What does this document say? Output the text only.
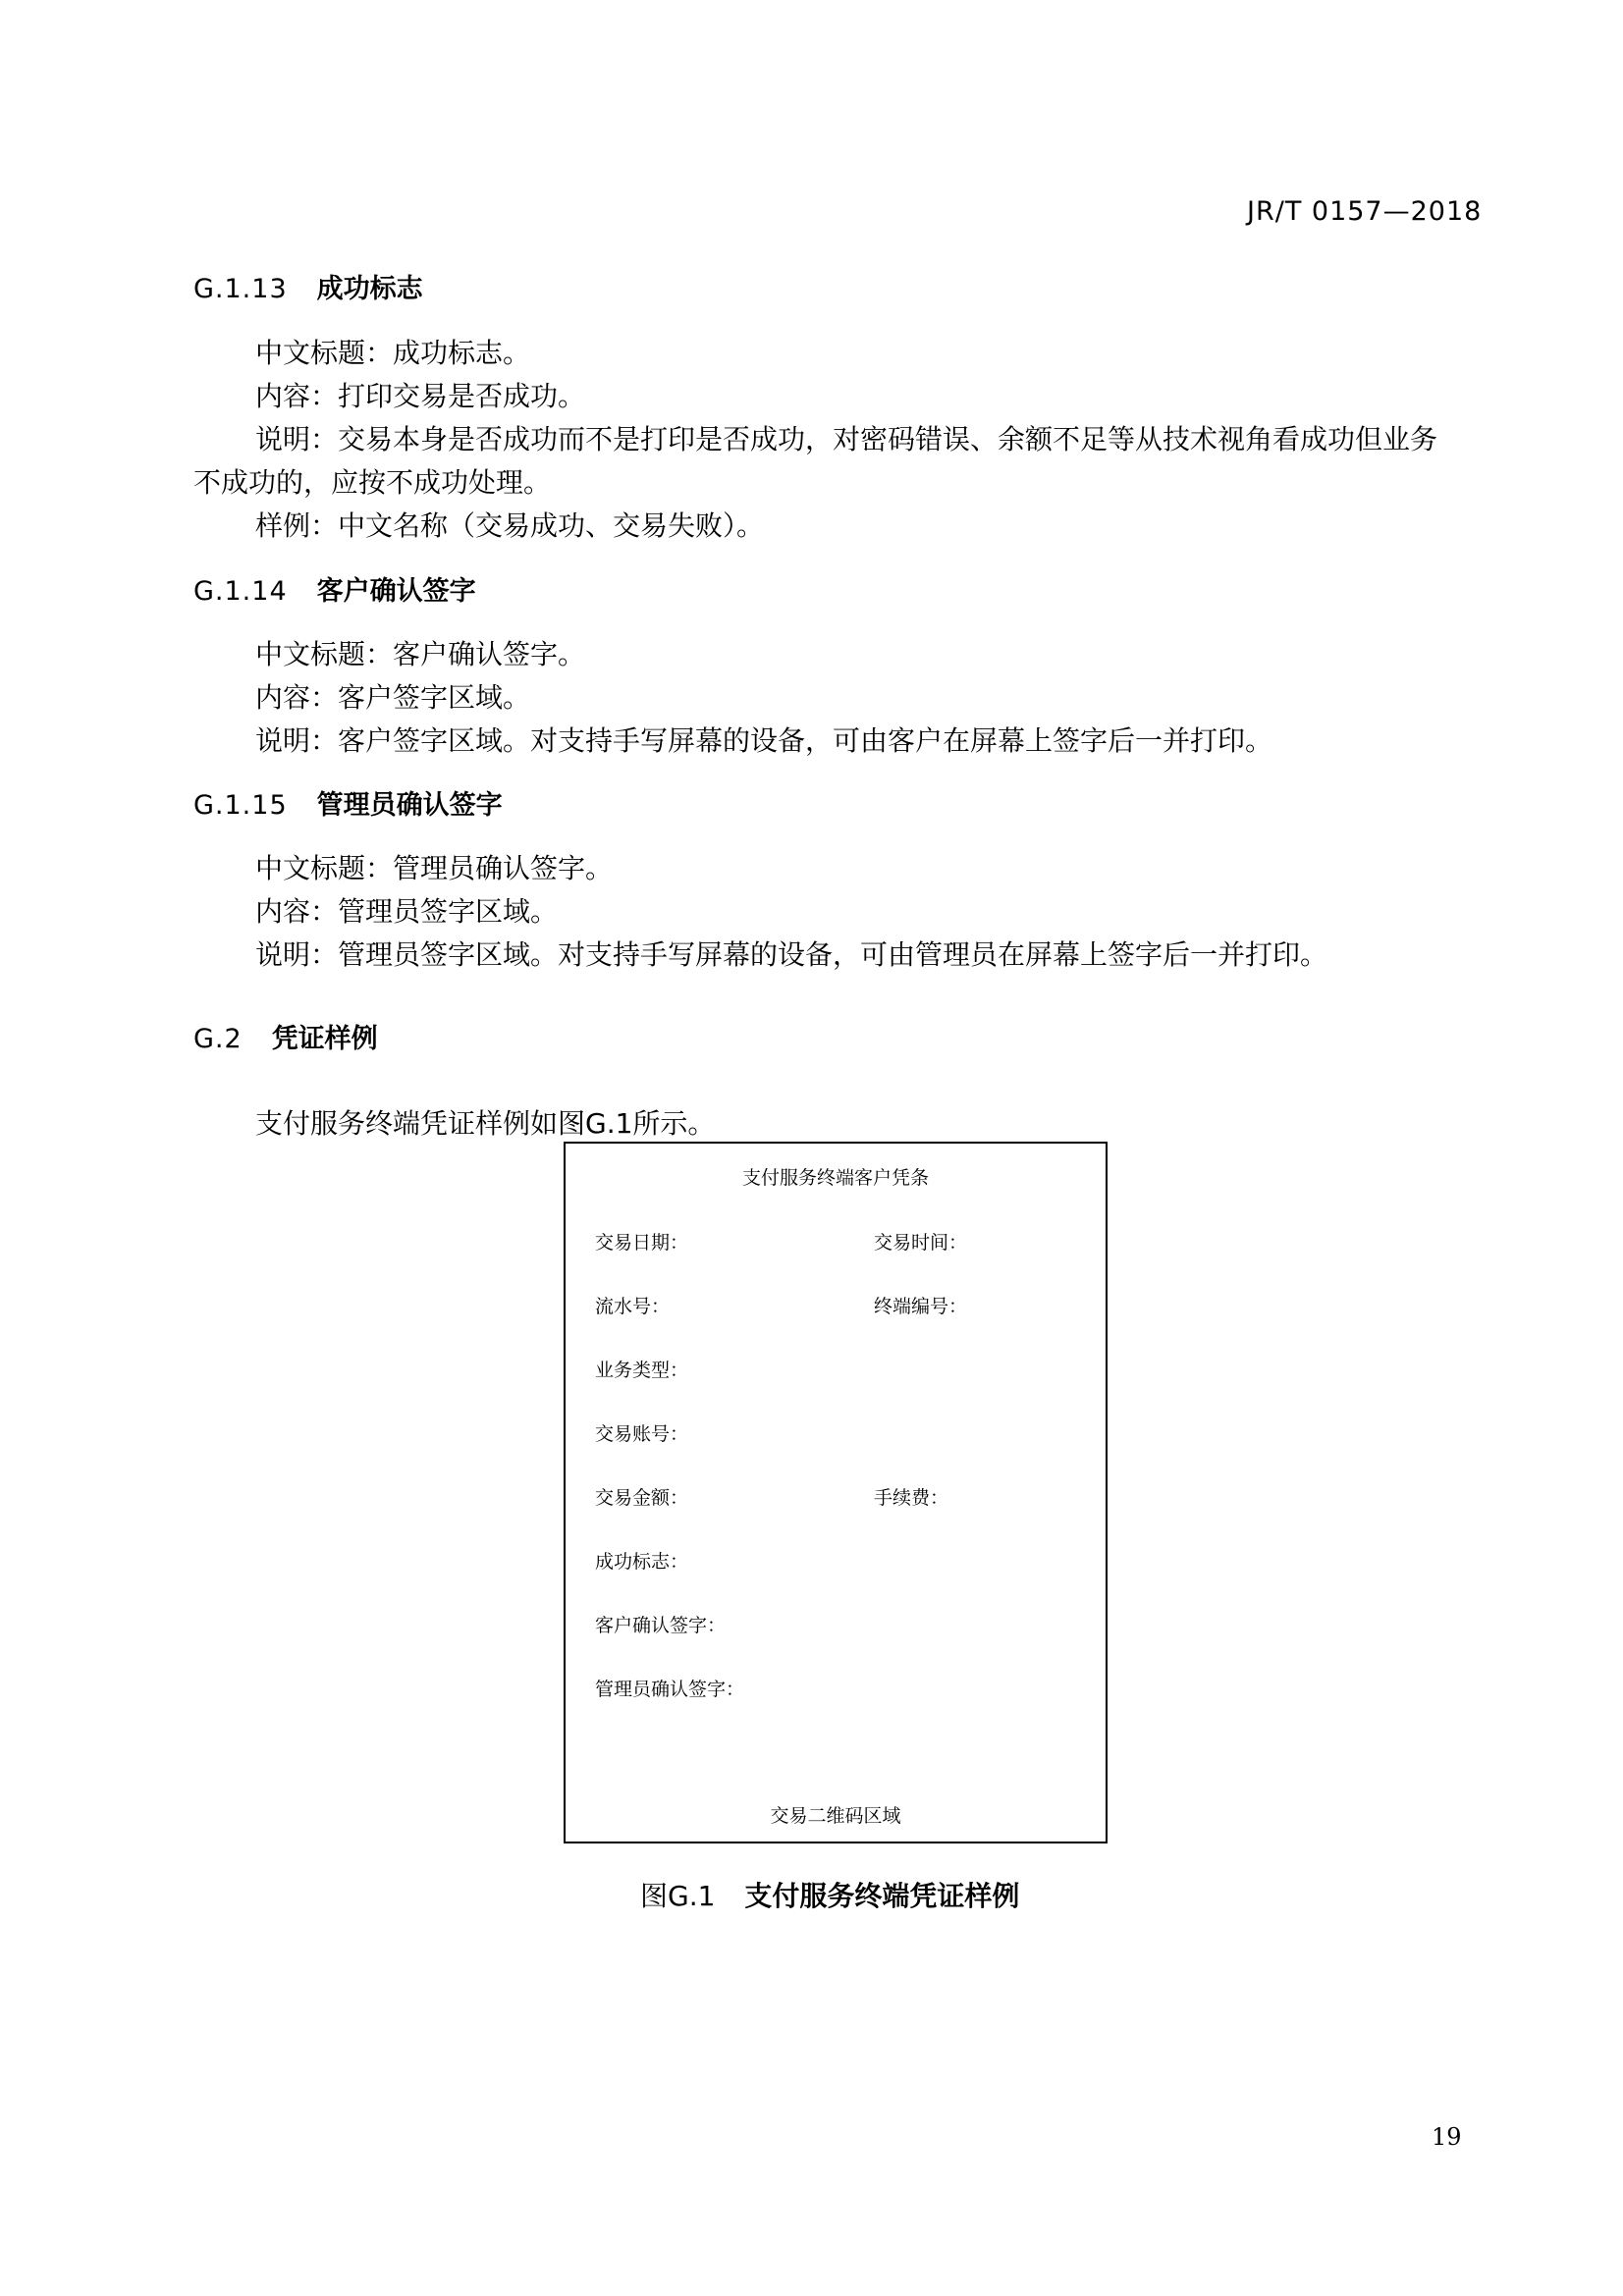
JR/T 0157—2018
G.1.13 成功标志
中文标题：成功标志。
内容：打印交易是否成功。
说明：交易本身是否成功而不是打印是否成功，对密码错误、余额不足等从技术视角看成功但业务
不成功的，应按不成功处理。
样例：中文名称（交易成功、交易失败）。
G.1.14 客户确认签字
中文标题：客户确认签字。
内容：客户签字区域。
说明：客户签字区域。对支持手写屏幕的设备，可由客户在屏幕上签字后一并打印。
G.1.15 管理员确认签字
中文标题：管理员确认签字。
内容：管理员签字区域。
说明：管理员签字区域。对支持手写屏幕的设备，可由管理员在屏幕上签字后一并打印。
G.2 凭证样例
支付服务终端凭证样例如图G.1所示。
支付服务终端客户凭条
交易日期：	交易时间：
流水号：	终端编号：
业务类型：
交易账号：
交易金额：	手续费：
成功标志：
客户确认签字：
管理员确认签字：
交易二维码区域
图G.1 支付服务终端凭证样例
19
